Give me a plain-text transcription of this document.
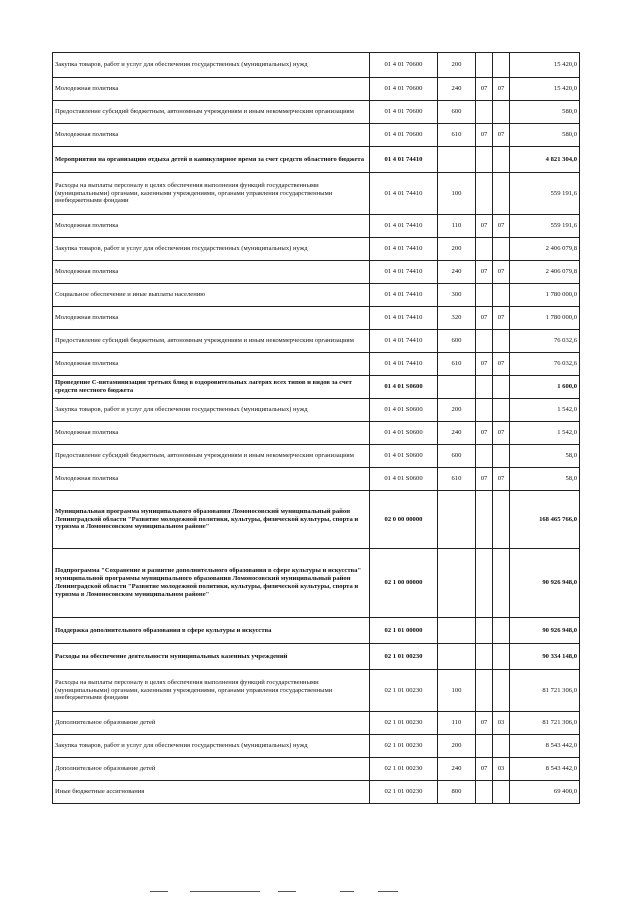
Закупка товаров, работ и услуг для обеспечения государственных (муниципальных) нужд	01 4 01 70600	200			15 420,0
Молодежная политика	01 4 01 70600	240	07	07	15 420,0
Предоставление субсидий бюджетным, автономным учреждениям и иным некоммерческим организациям	01 4 01 70600	600			580,0
Молодежная политика	01 4 01 70600	610	07	07	580,0
Мероприятия на организацию отдыха детей в каникулярное время за счет средств областного бюджета	01 4 01 74410				4 821 304,0
Расходы на выплаты персоналу в целях обеспечения выполнения функций государственными (муниципальными) органами, казенными учреждениями, органами управления государственными внебюджетными фондами	01 4 01 74410	100			559 191,6
Молодежная политика	01 4 01 74410	110	07	07	559 191,6
Закупка товаров, работ и услуг для обеспечения государственных (муниципальных) нужд	01 4 01 74410	200			2 406 079,8
Молодежная политика	01 4 01 74410	240	07	07	2 406 079,8
Социальное обеспечение и иные выплаты населению	01 4 01 74410	300			1 780 000,0
Молодежная политика	01 4 01 74410	320	07	07	1 780 000,0
Предоставление субсидий бюджетным, автономным учреждениям и иным некоммерческим организациям	01 4 01 74410	600			76 032,6
Молодежная политика	01 4 01 74410	610	07	07	76 032,6
Проведение С-витаминизации третьих блюд в оздоровительных лагерях всех типов и видов за счет средств местного бюджета	01 4 01 S0600				1 600,0
Закупка товаров, работ и услуг для обеспечения государственных (муниципальных) нужд	01 4 01 S0600	200			1 542,0
Молодежная политика	01 4 01 S0600	240	07	07	1 542,0
Предоставление субсидий бюджетным, автономным учреждениям и иным некоммерческим организациям	01 4 01 S0600	600			58,0
Молодежная политика	01 4 01 S0600	610	07	07	58,0
Муниципальная программа муниципального образования Ломоносовский муниципальный район Ленинградской области "Развитие молодежной политики, культуры, физической культуры, спорта и туризма в Ломоносовском муниципальном районе"	02 0 00 00000				168 465 766,0
Подпрограмма "Сохранение и развитие дополнительного образования в сфере культуры и искусства" муниципальной программы муниципального образования Ломоносовский муниципальный район Ленинградской области "Развитие молодежной политики, культуры, физической культуры, спорта и туризма в Ломоносовском муниципальном районе"	02 1 00 00000				90 926 948,0
Поддержка дополнительного образования в сфере культуры и искусства	02 1 01 00000				90 926 948,0
Расходы на обеспечение деятельности муниципальных казенных учреждений	02 1 01 00230				90 334 148,0
Расходы на выплаты персоналу в целях обеспечения выполнения функций государственными (муниципальными) органами, казенными учреждениями, органами управления государственными внебюджетными фондами	02 1 01 00230	100			81 721 306,0
Дополнительное образование детей	02 1 01 00230	110	07	03	81 721 306,0
Закупка товаров, работ и услуг для обеспечения государственных (муниципальных) нужд	02 1 01 00230	200			8 543 442,0
Дополнительное образование детей	02 1 01 00230	240	07	03	8 543 442,0
Иные бюджетные ассигнования	02 1 01 00230	800			69 400,0
